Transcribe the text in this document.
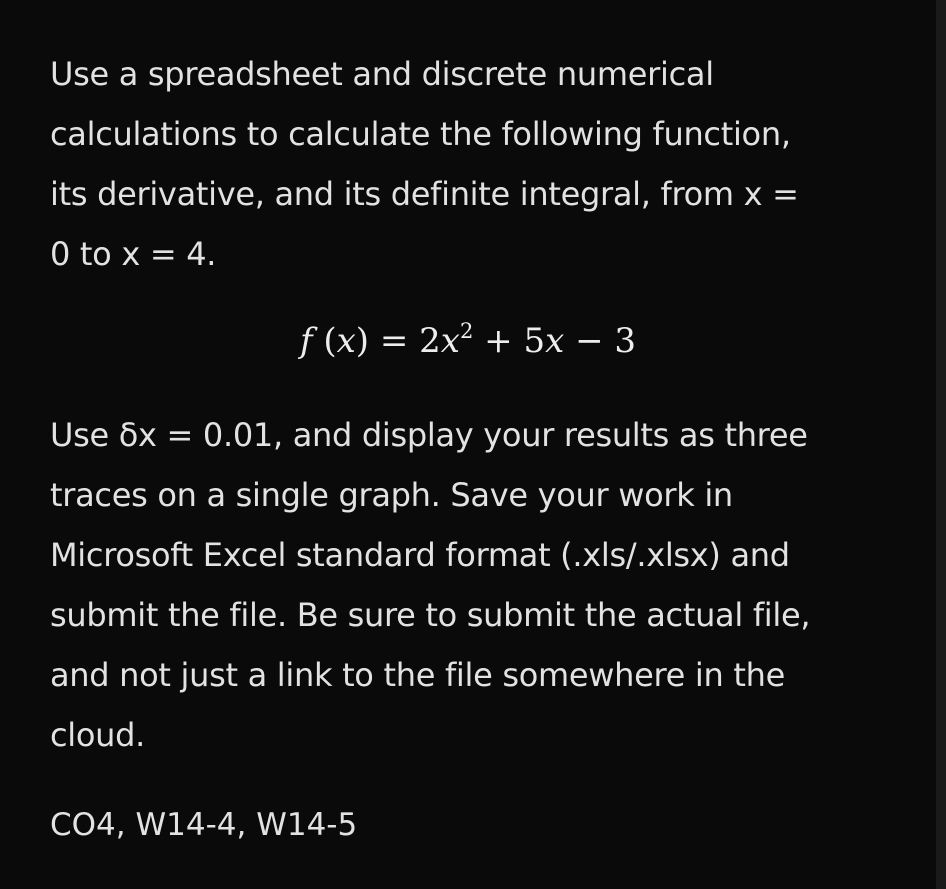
Use a spreadsheet and discrete numerical
calculations to calculate the following function,
its derivative, and its definite integral, from x =
0 to x = 4.
f $(x) = 2x^2 + 5x - 3$
Use δx = 0.01, and display your results as three
traces on a single graph. Save your work in
Microsoft Excel standard format (.xls/.xlsx) and
submit the file. Be sure to submit the actual file,
and not just a link to the file somewhere in the
cloud.
CO4, W14-4, W14-5
